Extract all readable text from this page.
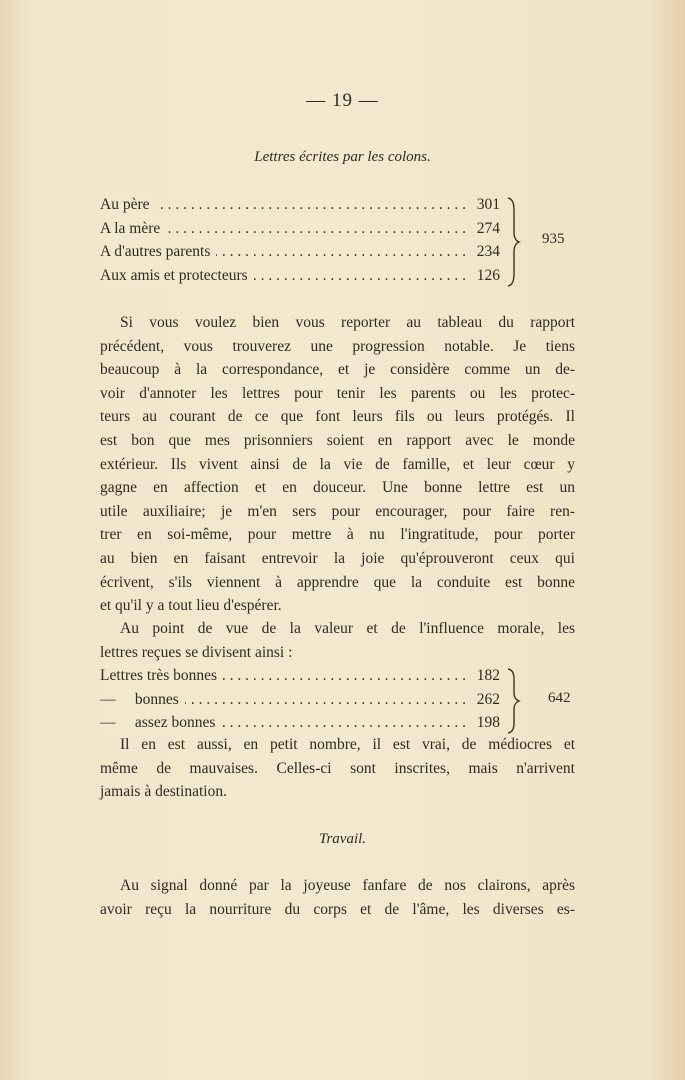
— 19 —
Lettres écrites par les colons.
. . .
Au père	301
. . .
A la mère	274
. . .
A d'autres parents	234
. . .
Aux amis et protecteurs	126
935
Si vous voulez bien vous reporter au tableau du rapport
précédent, vous trouverez une progression notable. Je tiens
beaucoup à la correspondance, et je considère comme un de-
voir d'annoter les lettres pour tenir les parents ou les protec-
teurs au courant de ce que font leurs fils ou leurs protégés. Il
est bon que mes prisonniers soient en rapport avec le monde
extérieur. Ils vivent ainsi de la vie de famille, et leur cœur y
gagne en affection et en douceur. Une bonne lettre est un
utile auxiliaire; je m'en sers pour encourager, pour faire ren-
trer en soi-même, pour mettre à nu l'ingratitude, pour porter
au bien en faisant entrevoir la joie qu'éprouveront ceux qui
écrivent, s'ils viennent à apprendre que la conduite est bonne
et qu'il y a tout lieu d'espérer.
Au point de vue de la valeur et de l'influence morale, les
lettres reçues se divisent ainsi :
. . .
Lettres très bonnes	182
. . .
—     bonnes	262
. . .
—     assez bonnes	198
642
Il en est aussi, en petit nombre, il est vrai, de médiocres et
même de mauvaises. Celles-ci sont inscrites, mais n'arrivent
jamais à destination.
Travail.
Au signal donné par la joyeuse fanfare de nos clairons, après
avoir reçu la nourriture du corps et de l'âme, les diverses es-
